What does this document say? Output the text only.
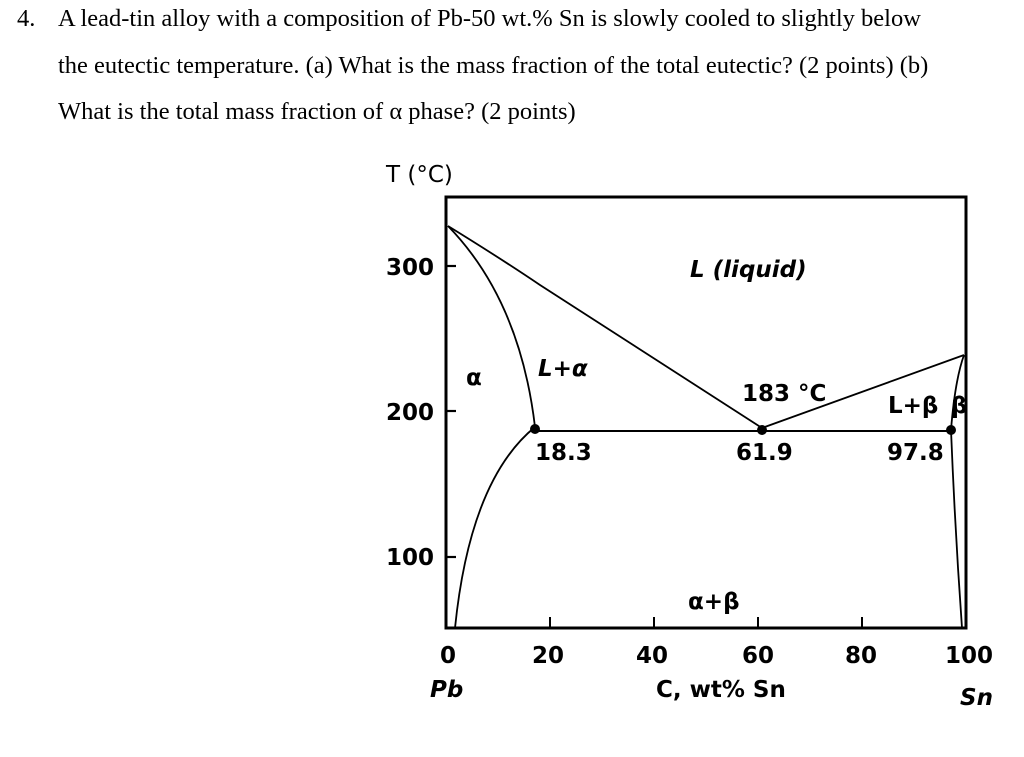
4. A lead-tin alloy with a composition of Pb-50 wt.% Sn is slowly cooled to slightly below
the eutectic temperature. (a) What is the mass fraction of the total eutectic? (2 points) (b)
What is the total mass fraction of α phase? (2 points)
T (°C)
300
200
100
0	20	40	60	80	100
Pb	C, wt% Sn	Sn
L (liquid)
α L+α
183 °C	L+β β
18.3	61.9	97.8
α+β
